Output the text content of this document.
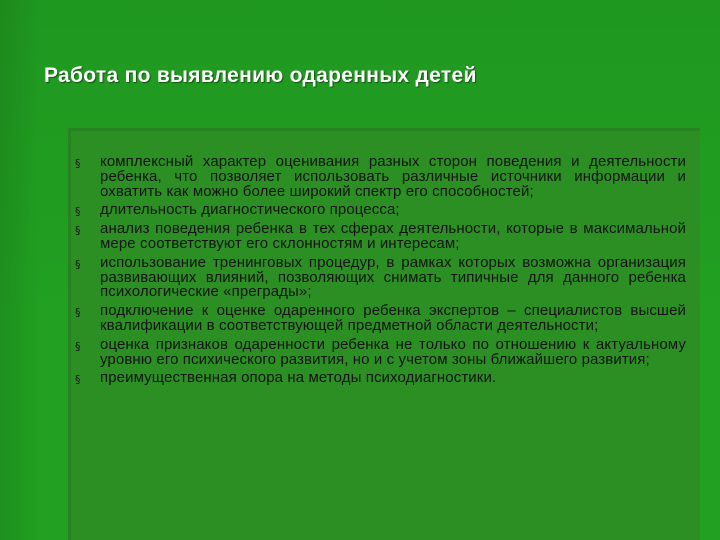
Работа по выявлению одаренных детей
§ комплексный характер оценивания разных сторон поведения и деятельности ребенка, что позволяет использовать различные источники информации и охватить как можно более широкий спектр его способностей;
§ длительность диагностического процесса;
§ анализ поведения ребенка в тех сферах деятельности, которые в максимальной мере соответствуют его склонностям и интересам;
§ использование тренинговых процедур, в рамках которых возможна организация развивающих влияний, позволяющих снимать типичные для данного ребенка психологические «преграды»;
§ подключение к оценке одаренного ребенка экспертов – специалистов высшей квалификации в соответствующей предметной области деятельности;
§ оценка признаков одаренности ребенка не только по отношению к актуальному уровню его психического развития, но и с учетом зоны ближайшего развития;
§ преимущественная опора на методы психодиагностики.
